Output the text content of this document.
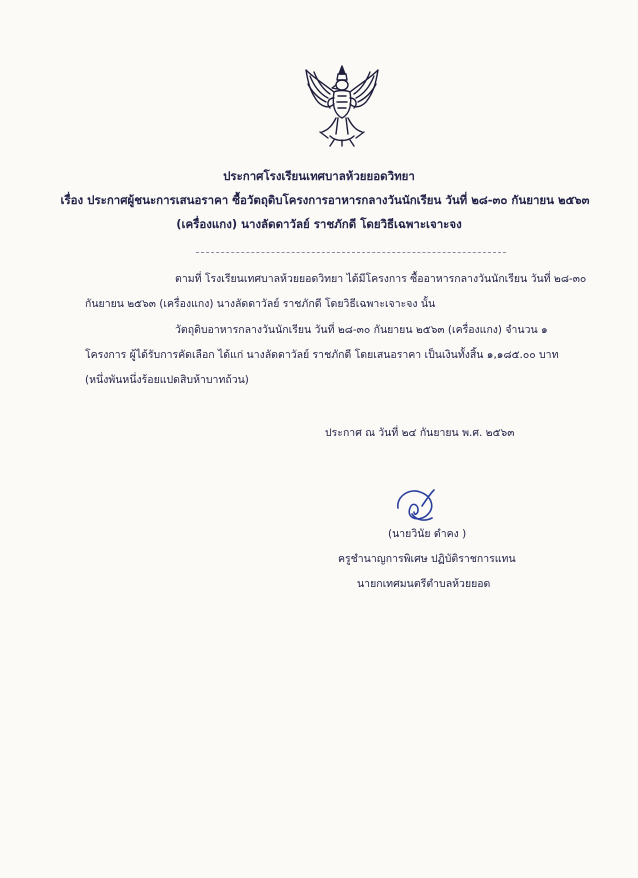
ประกาศโรงเรียนเทศบาลห้วยยอดวิทยา
เรื่อง ประกาศผู้ชนะการเสนอราคา ซื้อวัตถุดิบโครงการอาหารกลางวันนักเรียน วันที่ ๒๘-๓๐ กันยายน ๒๕๖๓
(เครื่องแกง) นางลัดดาวัลย์ ราชภักดี โดยวิธีเฉพาะเจาะจง
ตามที่ โรงเรียนเทศบาลห้วยยอดวิทยา ได้มีโครงการ ซื้ออาหารกลางวันนักเรียน วันที่ ๒๘-๓๐
กันยายน ๒๕๖๓ (เครื่องแกง) นางลัดดาวัลย์ ราชภักดี โดยวิธีเฉพาะเจาะจง นั้น
วัตถุดิบอาหารกลางวันนักเรียน วันที่ ๒๘-๓๐ กันยายน ๒๕๖๓ (เครื่องแกง) จำนวน ๑
โครงการ ผู้ได้รับการคัดเลือก ได้แก่ นางลัดดาวัลย์ ราชภักดี โดยเสนอราคา เป็นเงินทั้งสิ้น ๑,๑๘๕.๐๐ บาท
(หนึ่งพันหนึ่งร้อยแปดสิบห้าบาทถ้วน)
ประกาศ ณ วันที่ ๒๔ กันยายน พ.ศ. ๒๕๖๓
(นายวินัย ดำคง )
ครูชำนาญการพิเศษ ปฏิบัติราชการแทน
นายกเทศมนตรีตำบลห้วยยอด
